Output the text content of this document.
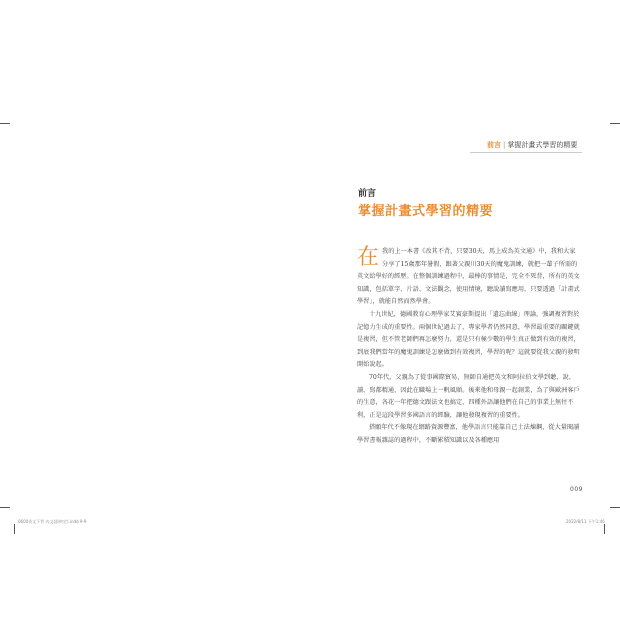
前言 | 掌握計畫式學習的精要
前言
掌握計畫式學習的精要

在我的上一本書《改其不背，只要30天，馬上成為英文通》中，我和大家分享了15歲那年暑假，跟著父親川30天的魔鬼訓練，就把一輩子所需的英文給學好的經歷。在整個訓練過程中，最棒的事情是，完全不死背，所有的英文知識，包括單字、片語、文法觀念，使用情境，聽說讀寫應用，只要透過「計畫式學習」，就能自然而然學會。

十九世紀，德國教育心理學家艾賓豪斯提出「遺忘曲線」理論，強調複習對於記憶力生成的重要性。兩個世紀過去了，專家學者仍然同意，學習最重要的關鍵就是複習，但不管老師們再怎麼努力，還是只有極少數的學生真正做到有效的複習，到底我們當年的魔鬼訓練是怎麼做到有效複習，學習的呢？這就要從我父親的發明開始說起。

70年代，父親為了從事國際貿易，無師自通把英文和阿拉伯文學到聽、說、讀、寫都精通，因此在職場上一帆風順。後來他和母親一起創業，為了與歐洲客戶的生意，各花一年把德文跟法文也搞定，四種外語讓他們在自己的事業上無往不利，正是這段學習多國語言的經驗，讓他發現複習的重要性。

搭願年代不像現在網路資源豐富，他學語言只能靠自己土法煉鋼，從大量閱讀學習書報雜誌的過程中，不斷累積知識以及各種應用

009
0600英文不背 內文(最終定).indd 9-9	2022/8/11 下午1:46
